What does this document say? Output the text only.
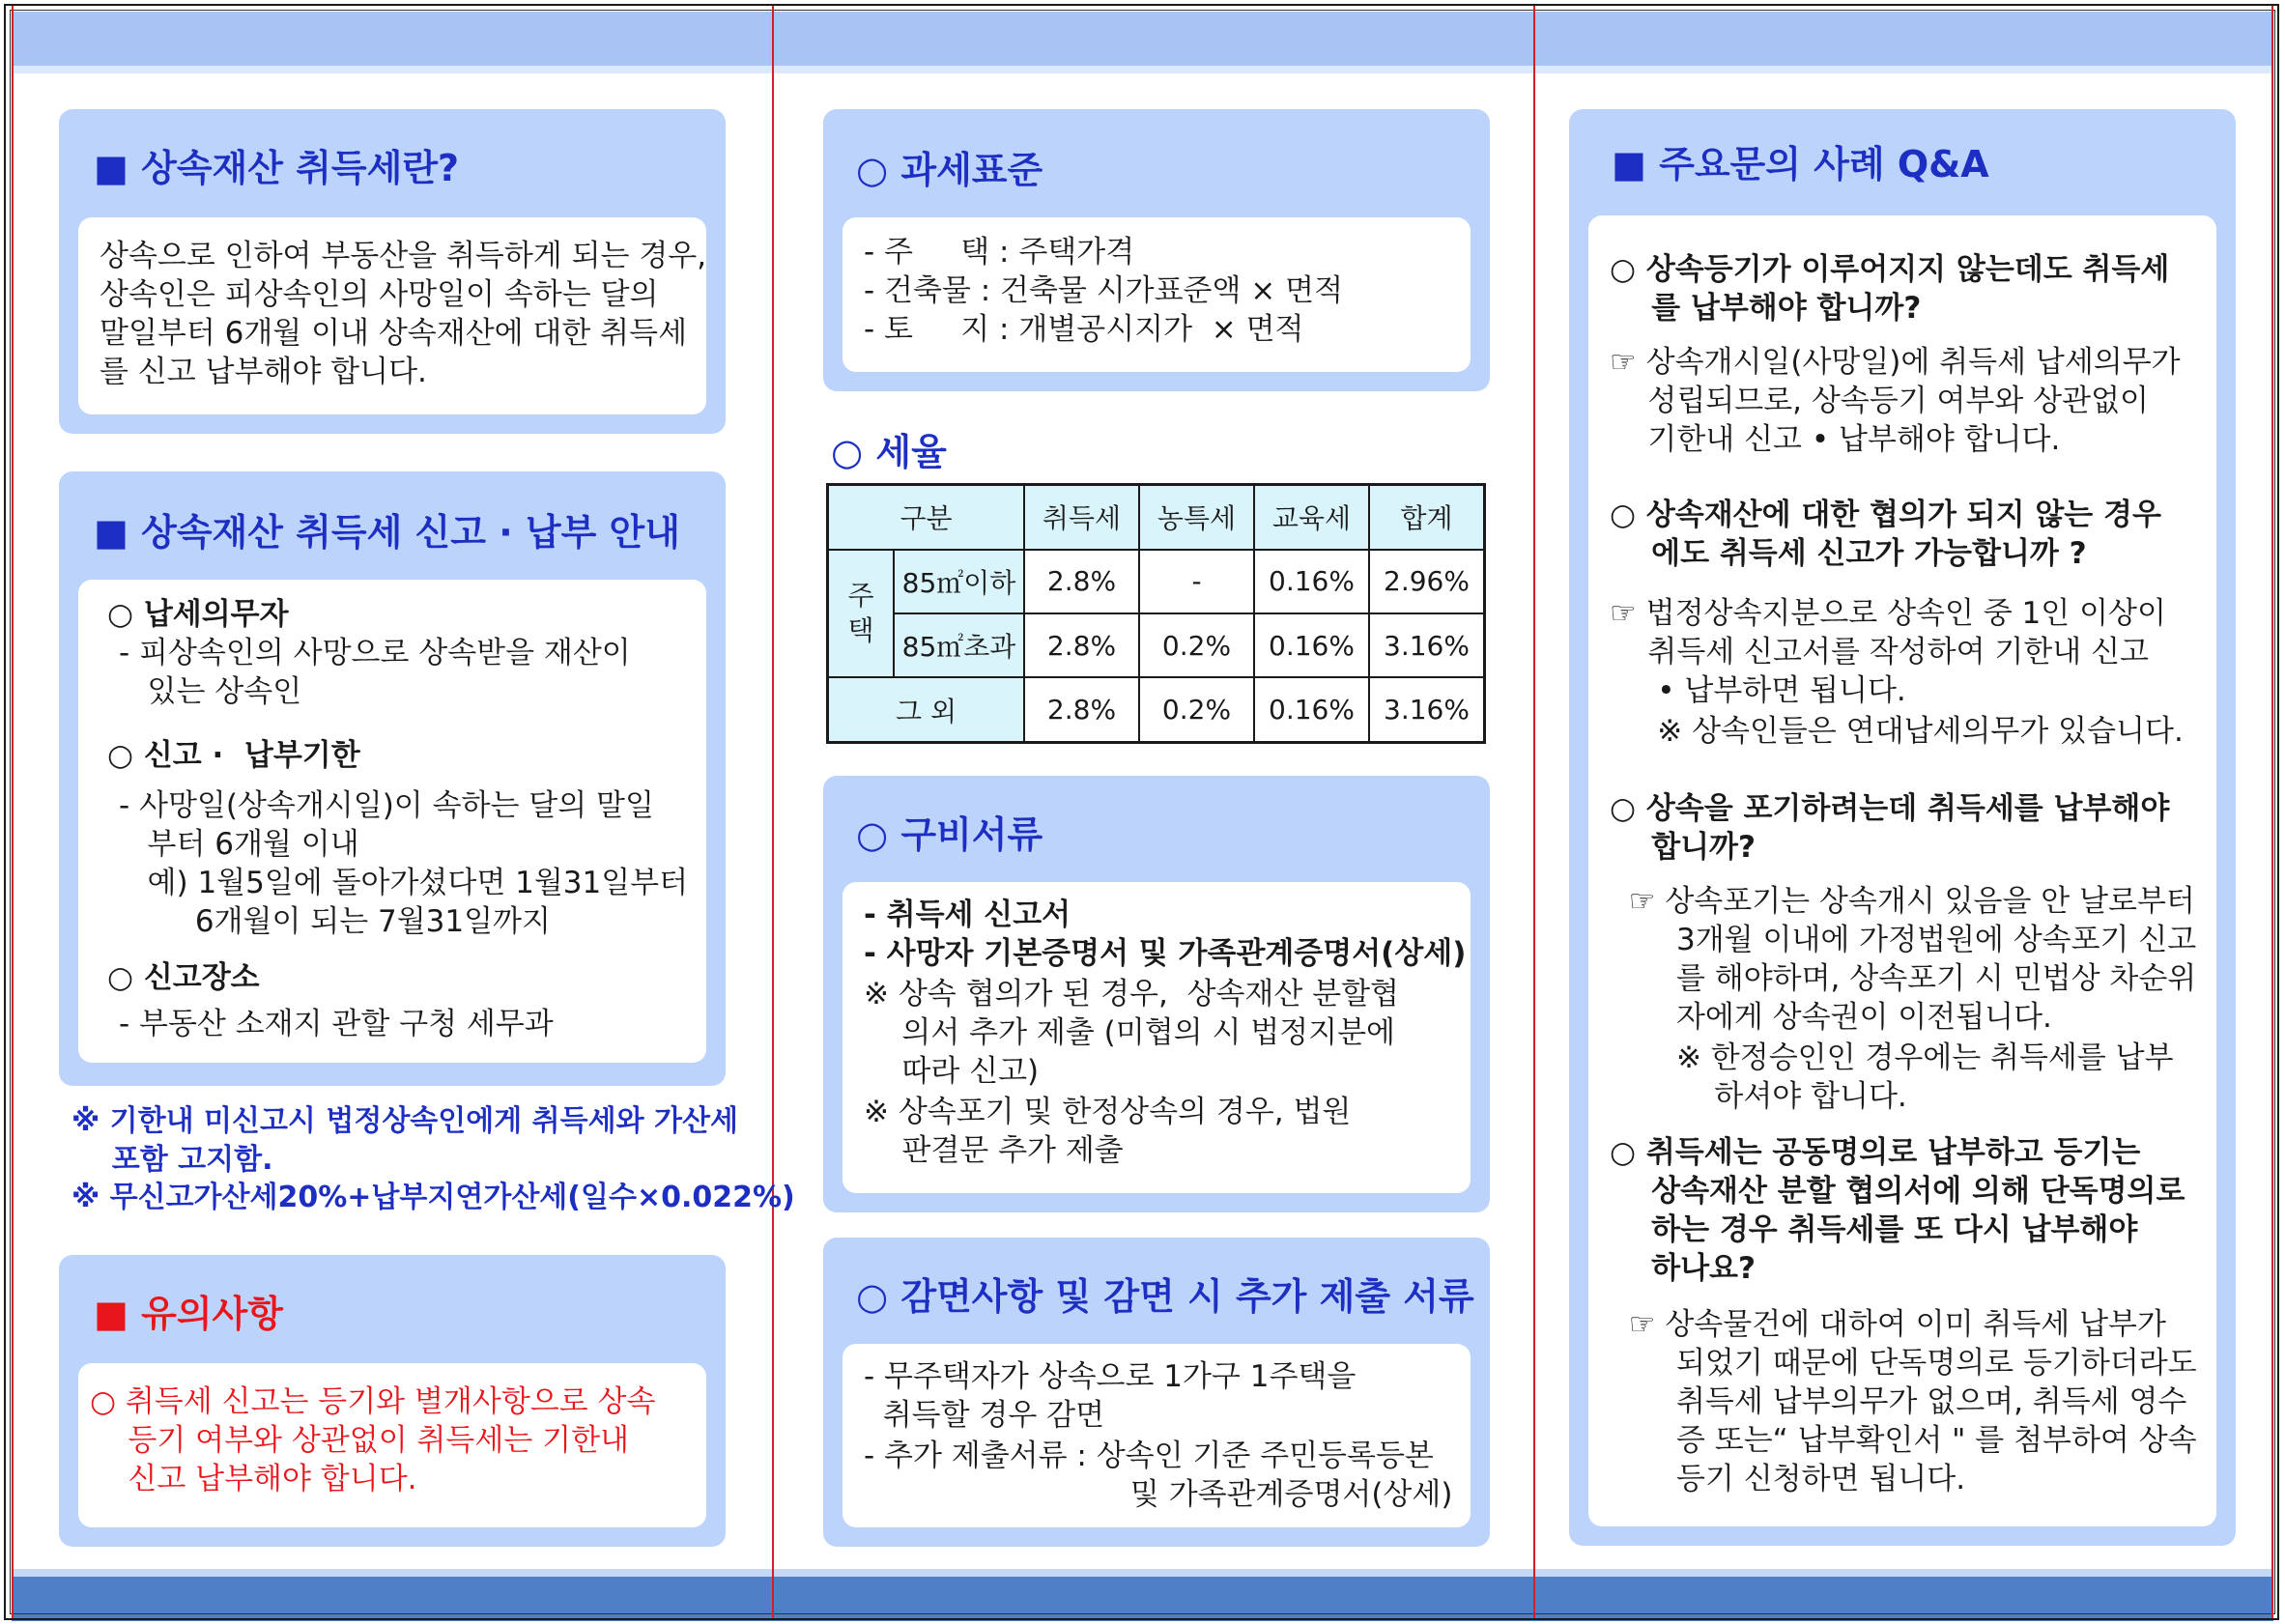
■ 상속재산 취득세란?
상속으로 인하여 부동산을 취득하게 되는 경우,
상속인은 피상속인의 사망일이 속하는 달의
말일부터 6개월 이내 상속재산에 대한 취득세
를 신고 납부해야 합니다.
■ 상속재산 취득세 신고 · 납부 안내
○ 납세의무자
- 피상속인의 사망으로 상속받을 재산이
있는 상속인
○ 신고 ·  납부기한
- 사망일(상속개시일)이 속하는 달의 말일
부터 6개월 이내
예) 1월5일에 돌아가셨다면 1월31일부터
6개월이 되는 7월31일까지
○ 신고장소
- 부동산 소재지 관할 구청 세무과
※ 기한내 미신고시 법정상속인에게 취득세와 가산세
포함 고지함.
※ 무신고가산세20%+납부지연가산세(일수×0.022%)
■ 유의사항
○ 취득세 신고는 등기와 별개사항으로 상속
등기 여부와 상관없이 취득세는 기한내
신고 납부해야 합니다.
○ 과세표준
- 주     택 : 주택가격
- 건축물 : 건축물 시가표준액 × 면적
- 토     지 : 개별공시지가  × 면적
○ 세율
구분		취득세	농특세	교육세	합계
주
택	85㎡이하	2.8%	-	0.16%	2.96%
	85㎡초과	2.8%	0.2%	0.16%	3.16%
그 외		2.8%	0.2%	0.16%	3.16%
○ 구비서류
- 취득세 신고서
- 사망자 기본증명서 및 가족관계증명서(상세)
※ 상속 협의가 된 경우,  상속재산 분할협
의서 추가 제출 (미협의 시 법정지분에
따라 신고)
※ 상속포기 및 한정상속의 경우, 법원
판결문 추가 제출
○ 감면사항 및 감면 시 추가 제출 서류
- 무주택자가 상속으로 1가구 1주택을
취득할 경우 감면
- 추가 제출서류 : 상속인 기준 주민등록등본
및 가족관계증명서(상세)
■ 주요문의 사례 Q&A
○ 상속등기가 이루어지지 않는데도 취득세
를 납부해야 합니까?
☞ 상속개시일(사망일)에 취득세 납세의무가
성립되므로, 상속등기 여부와 상관없이
기한내 신고 • 납부해야 합니다.
○ 상속재산에 대한 협의가 되지 않는 경우
에도 취득세 신고가 가능합니까 ?
☞ 법정상속지분으로 상속인 중 1인 이상이
취득세 신고서를 작성하여 기한내 신고
• 납부하면 됩니다.
※ 상속인들은 연대납세의무가 있습니다.
○ 상속을 포기하려는데 취득세를 납부해야
합니까?
☞ 상속포기는 상속개시 있음을 안 날로부터
3개월 이내에 가정법원에 상속포기 신고
를 해야하며, 상속포기 시 민법상 차순위
자에게 상속권이 이전됩니다.
※ 한정승인인 경우에는 취득세를 납부
하셔야 합니다.
○ 취득세는 공동명의로 납부하고 등기는
상속재산 분할 협의서에 의해 단독명의로
하는 경우 취득세를 또 다시 납부해야
하나요?
☞ 상속물건에 대하여 이미 취득세 납부가
되었기 때문에 단독명의로 등기하더라도
취득세 납부의무가 없으며, 취득세 영수
증 또는“ 납부확인서 " 를 첨부하여 상속
등기 신청하면 됩니다.
